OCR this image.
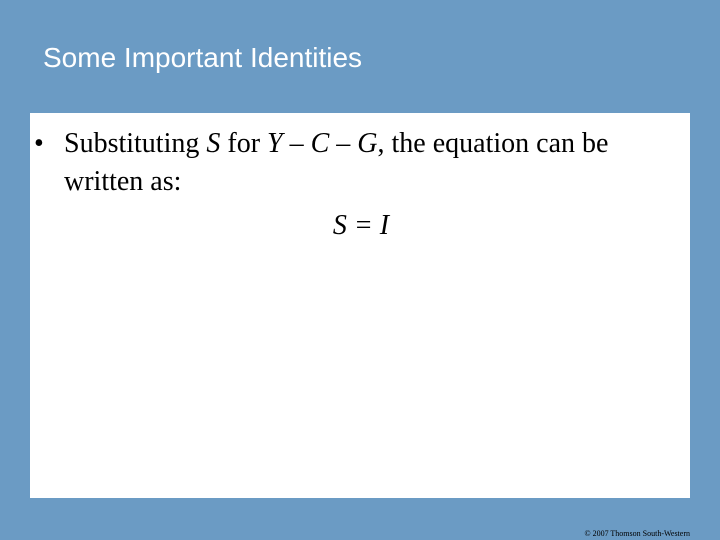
Some Important Identities
• Substituting S for Y – C – G, the equation can be written as:
S = I
© 2007 Thomson South-Western
